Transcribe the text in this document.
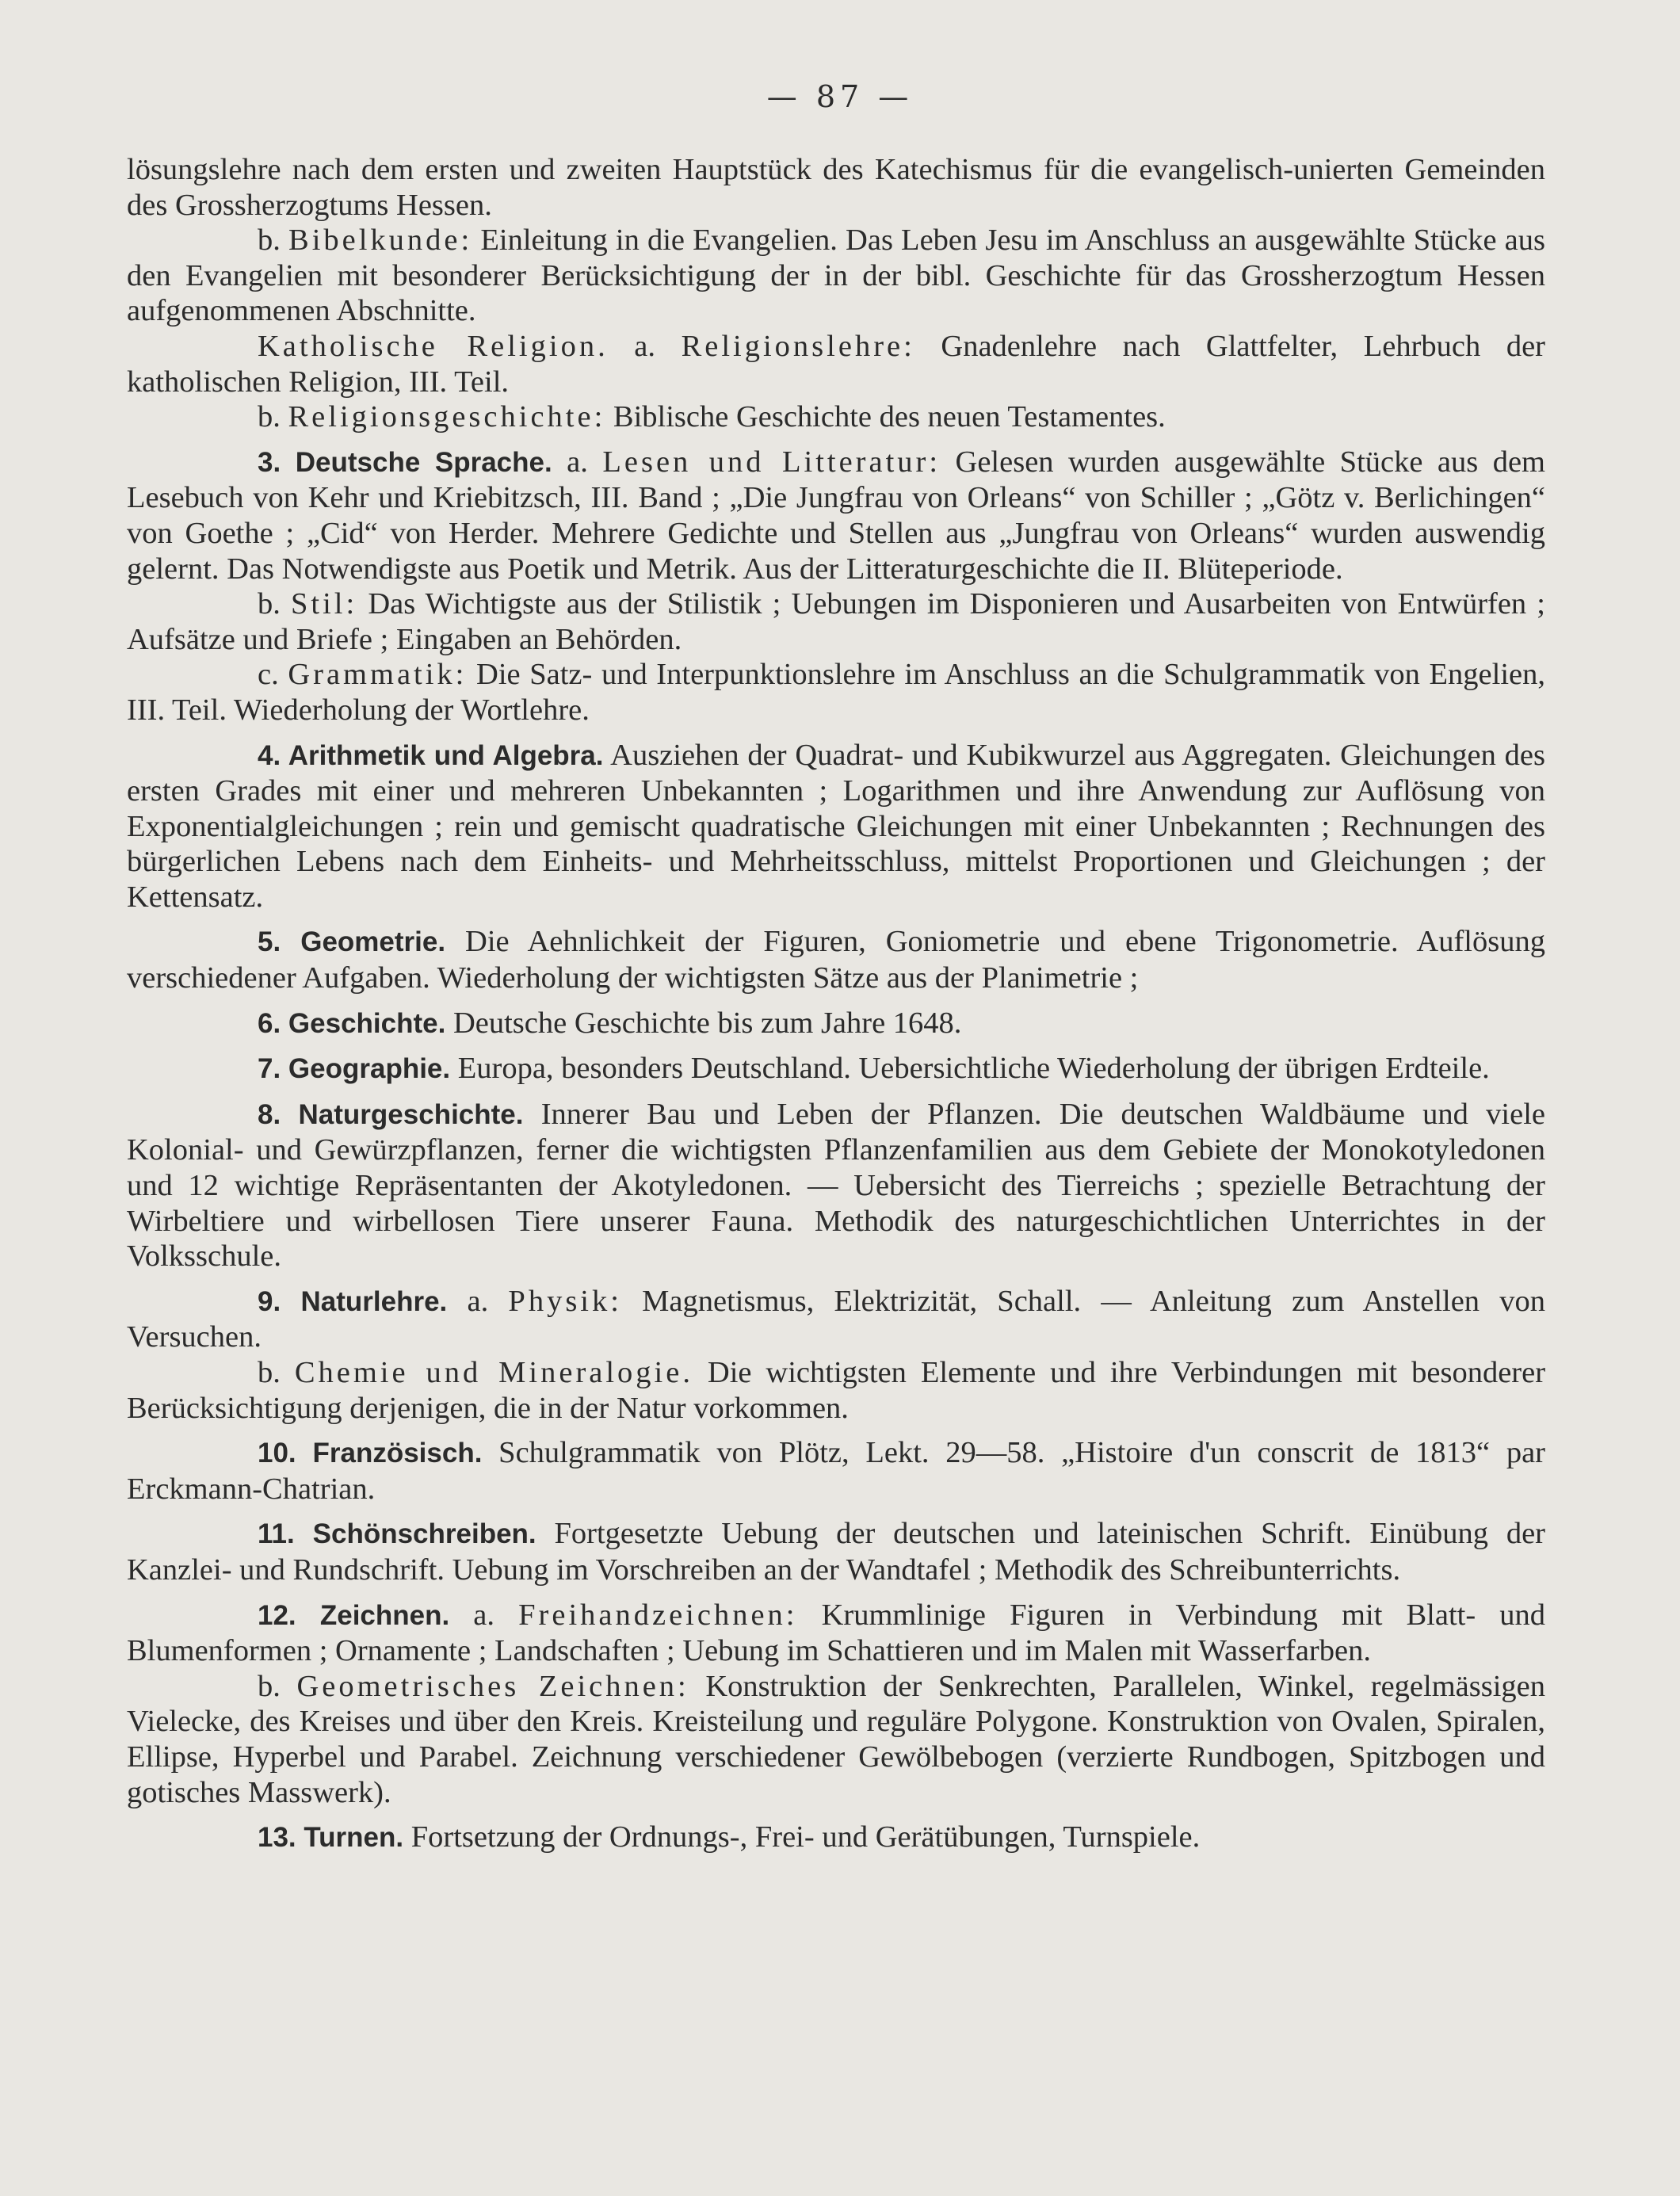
— 87 —

lösungslehre nach dem ersten und zweiten Hauptstück des Katechismus für die evangelisch-unierten Gemeinden des Grossherzogtums Hessen.

b. Bibelkunde: Einleitung in die Evangelien. Das Leben Jesu im Anschluss an ausgewählte Stücke aus den Evangelien mit besonderer Berücksichtigung der in der bibl. Geschichte für das Grossherzogtum Hessen aufgenommenen Abschnitte.

Katholische Religion. a. Religionslehre: Gnadenlehre nach Glattfelter, Lehrbuch der katholischen Religion, III. Teil.

b. Religionsgeschichte: Biblische Geschichte des neuen Testamentes.

3. Deutsche Sprache. a. Lesen und Litteratur: Gelesen wurden ausgewählte Stücke aus dem Lesebuch von Kehr und Kriebitzsch, III. Band ; „Die Jungfrau von Orleans“ von Schiller ; „Götz v. Berlichingen“ von Goethe ; „Cid“ von Herder. Mehrere Gedichte und Stellen aus „Jungfrau von Orleans“ wurden auswendig gelernt. Das Notwendigste aus Poetik und Metrik. Aus der Litteraturgeschichte die II. Blüteperiode.

b. Stil: Das Wichtigste aus der Stilistik ; Uebungen im Disponieren und Ausarbeiten von Entwürfen ; Aufsätze und Briefe ; Eingaben an Behörden.

c. Grammatik: Die Satz- und Interpunktionslehre im Anschluss an die Schulgrammatik von Engelien, III. Teil. Wiederholung der Wortlehre.

4. Arithmetik und Algebra. Ausziehen der Quadrat- und Kubikwurzel aus Aggregaten. Gleichungen des ersten Grades mit einer und mehreren Unbekannten ; Logarithmen und ihre Anwendung zur Auflösung von Exponentialgleichungen ; rein und gemischt quadratische Gleichungen mit einer Unbekannten ; Rechnungen des bürgerlichen Lebens nach dem Einheits- und Mehrheitsschluss, mittelst Proportionen und Gleichungen ; der Kettensatz.

5. Geometrie. Die Aehnlichkeit der Figuren, Goniometrie und ebene Trigonometrie. Auflösung verschiedener Aufgaben. Wiederholung der wichtigsten Sätze aus der Planimetrie ;

6. Geschichte. Deutsche Geschichte bis zum Jahre 1648.

7. Geographie. Europa, besonders Deutschland. Uebersichtliche Wiederholung der übrigen Erdteile.

8. Naturgeschichte. Innerer Bau und Leben der Pflanzen. Die deutschen Waldbäume und viele Kolonial- und Gewürzpflanzen, ferner die wichtigsten Pflanzenfamilien aus dem Gebiete der Monokotyledonen und 12 wichtige Repräsentanten der Akotyledonen. — Uebersicht des Tierreichs ; spezielle Betrachtung der Wirbeltiere und wirbellosen Tiere unserer Fauna. Methodik des naturgeschichtlichen Unterrichtes in der Volksschule.

9. Naturlehre. a. Physik: Magnetismus, Elektrizität, Schall. — Anleitung zum Anstellen von Versuchen.

b. Chemie und Mineralogie. Die wichtigsten Elemente und ihre Verbindungen mit besonderer Berücksichtigung derjenigen, die in der Natur vorkommen.

10. Französisch. Schulgrammatik von Plötz, Lekt. 29—58. „Histoire d'un conscrit de 1813“ par Erckmann-Chatrian.

11. Schönschreiben. Fortgesetzte Uebung der deutschen und lateinischen Schrift. Einübung der Kanzlei- und Rundschrift. Uebung im Vorschreiben an der Wandtafel ; Methodik des Schreibunterrichts.

12. Zeichnen. a. Freihandzeichnen: Krummlinige Figuren in Verbindung mit Blatt- und Blumenformen ; Ornamente ; Landschaften ; Uebung im Schattieren und im Malen mit Wasserfarben.

b. Geometrisches Zeichnen: Konstruktion der Senkrechten, Parallelen, Winkel, regelmässigen Vielecke, des Kreises und über den Kreis. Kreisteilung und reguläre Polygone. Konstruktion von Ovalen, Spiralen, Ellipse, Hyperbel und Parabel. Zeichnung verschiedener Gewölbebogen (verzierte Rundbogen, Spitzbogen und gotisches Masswerk).

13. Turnen. Fortsetzung der Ordnungs-, Frei- und Gerätübungen, Turnspiele.
